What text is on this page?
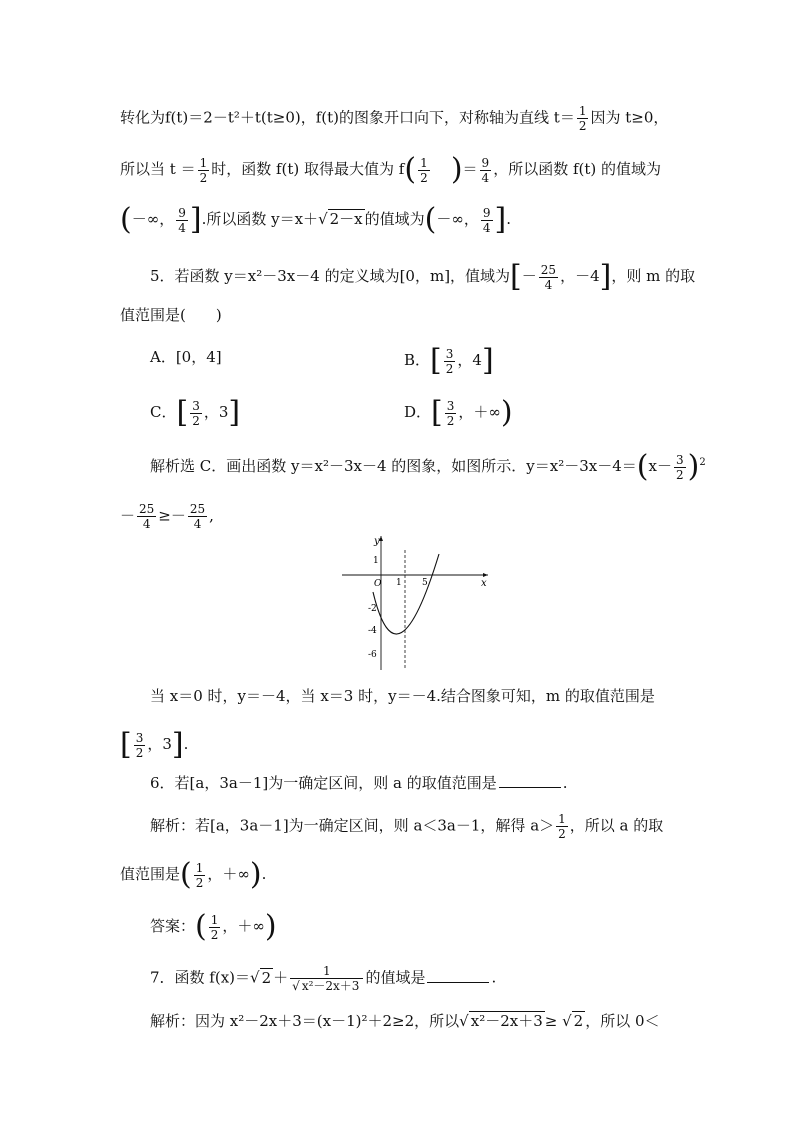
转化为f(t)＝2－t²＋t(t≥0)，f(t)的图象开口向下，对称轴为直线 $t= \frac{1}{2}$ 因为 t≥0，
所以当 $t = \frac{1}{2}$ 时，函数 f(t) 取得最大值为 $f( \frac{1}{2}$ )＝ $\frac{9}{4}$ ，所以函数 f(t) 的值域为
(－∞， $\frac{9}{4}$ ].所以函数 y＝x＋√ 2－x 的值域为(－∞， $\frac{9}{4}$ ].
5．若函数 y＝x²－3x－4 的定义域为[0，m]，值域为[－ $\frac{25}{4}$ ，－4]，则 m 的取
值范围是(　　)
A．[0，4]	B．[ $\frac{3}{2}$ ，4]
C．[ $\frac{3}{2}$ ，3]	D．[ $\frac{3}{2}$ ，＋∞)
解析选 C．画出函数 y＝x²－3x－4 的图象，如图所示．$y=x^2-3x-4=(x- \frac{3}{2} )^2$
－ $\frac{25}{4} \ge- \frac{25}{4}$ ,
x
y
O 1 5
1
-2
-4
-6
当 x＝0 时，y＝－4，当 x＝3 时，y＝－4.结合图象可知，m 的取值范围是
[ $\frac{3}{2}$ ，3].
6．若[a，3a－1]为一确定区间，则 a 的取值范围是	.
解析：若[a，3a－1]为一确定区间，则 a＜3a－1，解得 $a> \frac{1}{2}$ ，所以 a 的取
值范围是( $\frac{1}{2}$ ，＋∞).
答案：( $\frac{1}{2}$ ，＋∞)
7．函数 f(x)＝√ $2 + \frac{1}{\text{√ x²－2x＋3}}$ 的值域是	.
解析：因为 x²－2x＋3＝(x－1)²＋2≥2，所以√ x²－2x＋3 ≥ √ 2 ，所以 0＜
